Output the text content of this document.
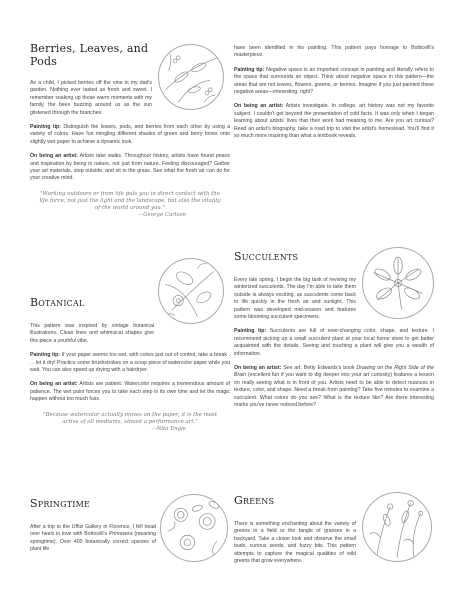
Berries, Leaves, and Pods

As a child, I picked berries off the vine in my dad's garden. Nothing ever tasted as fresh and sweet. I remember soaking up those warm moments with my family, the bees buzzing around us as the sun glistened through the branches.

Painting tip: Distinguish the leaves, pods, and berries from each other by using a variety of colors. Have fun mingling different shades of green and berry tones onto slightly wet paper to achieve a dynamic look.

On being an artist: Artists take walks. Throughout history, artists have found peace and inspiration by being in nature, not just from nature. Feeling discouraged? Gather your art materials, step outside, and sit in the grass. See what the fresh air can do for your creative mind.

"Working outdoors or from life puts you in direct contact with the life force, not just the light and the landscape, but also the vitality of the world around you."

—George Carlson

Botanical

This pattern was inspired by vintage botanical illustrations. Clean lines and whimsical shapes give this piece a youthful vibe.

Painting tip: If your paper seems too wet, with colors just out of control, take a break . . . let it dry! Practice some brushstrokes on a scrap piece of watercolor paper while you wait. You can also speed up drying with a hairdryer.

On being an artist: Artists are patient. Watercolor requires a tremendous amount of patience. The wet paint forces you to take each step in its own time and let the magic happen without too much fuss.

"Because watercolor actually moves on the paper, it is the most active of all mediums, almost a performance art."

—Nita Engle

Springtime

After a trip to the Uffizi Gallery in Florence, I fell head over heels in love with Botticelli's Primavera (meaning springtime). Over 400 botanically correct species of plant life

have been identified in his painting. This pattern pays homage to Botticelli's masterpiece.

Painting tip: Negative space is an important concept in painting and literally refers to the space that surrounds an object. Think about negative space in this pattern—the areas that are not leaves, flowers, greens, or berries. Imagine if you just painted those negative areas—interesting, right?

On being an artist: Artists investigate. In college, art history was not my favorite subject. I couldn't get beyond the presentation of cold facts. It was only when I began learning about artists' lives that their work had meaning to me. Are you art curious? Read an artist's biography, take a road trip to visit the artist's homestead. You'll find it so much more inspiring than what a textbook reveals.

Succulents

Every late spring, I begin the big task of reviving my winterized succulents. The day I'm able to take them outside is always exciting, as succulents come back to life quickly in the fresh air and sunlight. This pattern was developed mid-season and features some blooming succulent specimens.

Painting tip: Succulents are full of ever-changing color, shape, and texture. I recommend picking up a small succulent plant at your local home store to get better acquainted with the details. Seeing and touching a plant will give you a wealth of information.

On being an artist: See art. Betty Edwards's book Drawing on the Right Side of the Brain (excellent fun if you want to dig deeper into your art curiosity) features a lesson on really seeing what is in front of you. Artists need to be able to detect nuances in texture, color, and shape. Need a break from painting? Take five minutes to examine a succulent. What colors do you see? What is the texture like? Are there interesting marks you've never noticed before?

Greens

There is something enchanting about the variety of greens in a field or the tangle of grasses in a backyard. Take a closer look and observe the small buds, curious seeds, and fuzzy bits. This pattern attempts to capture the magical qualities of wild greens that grow everywhere.
